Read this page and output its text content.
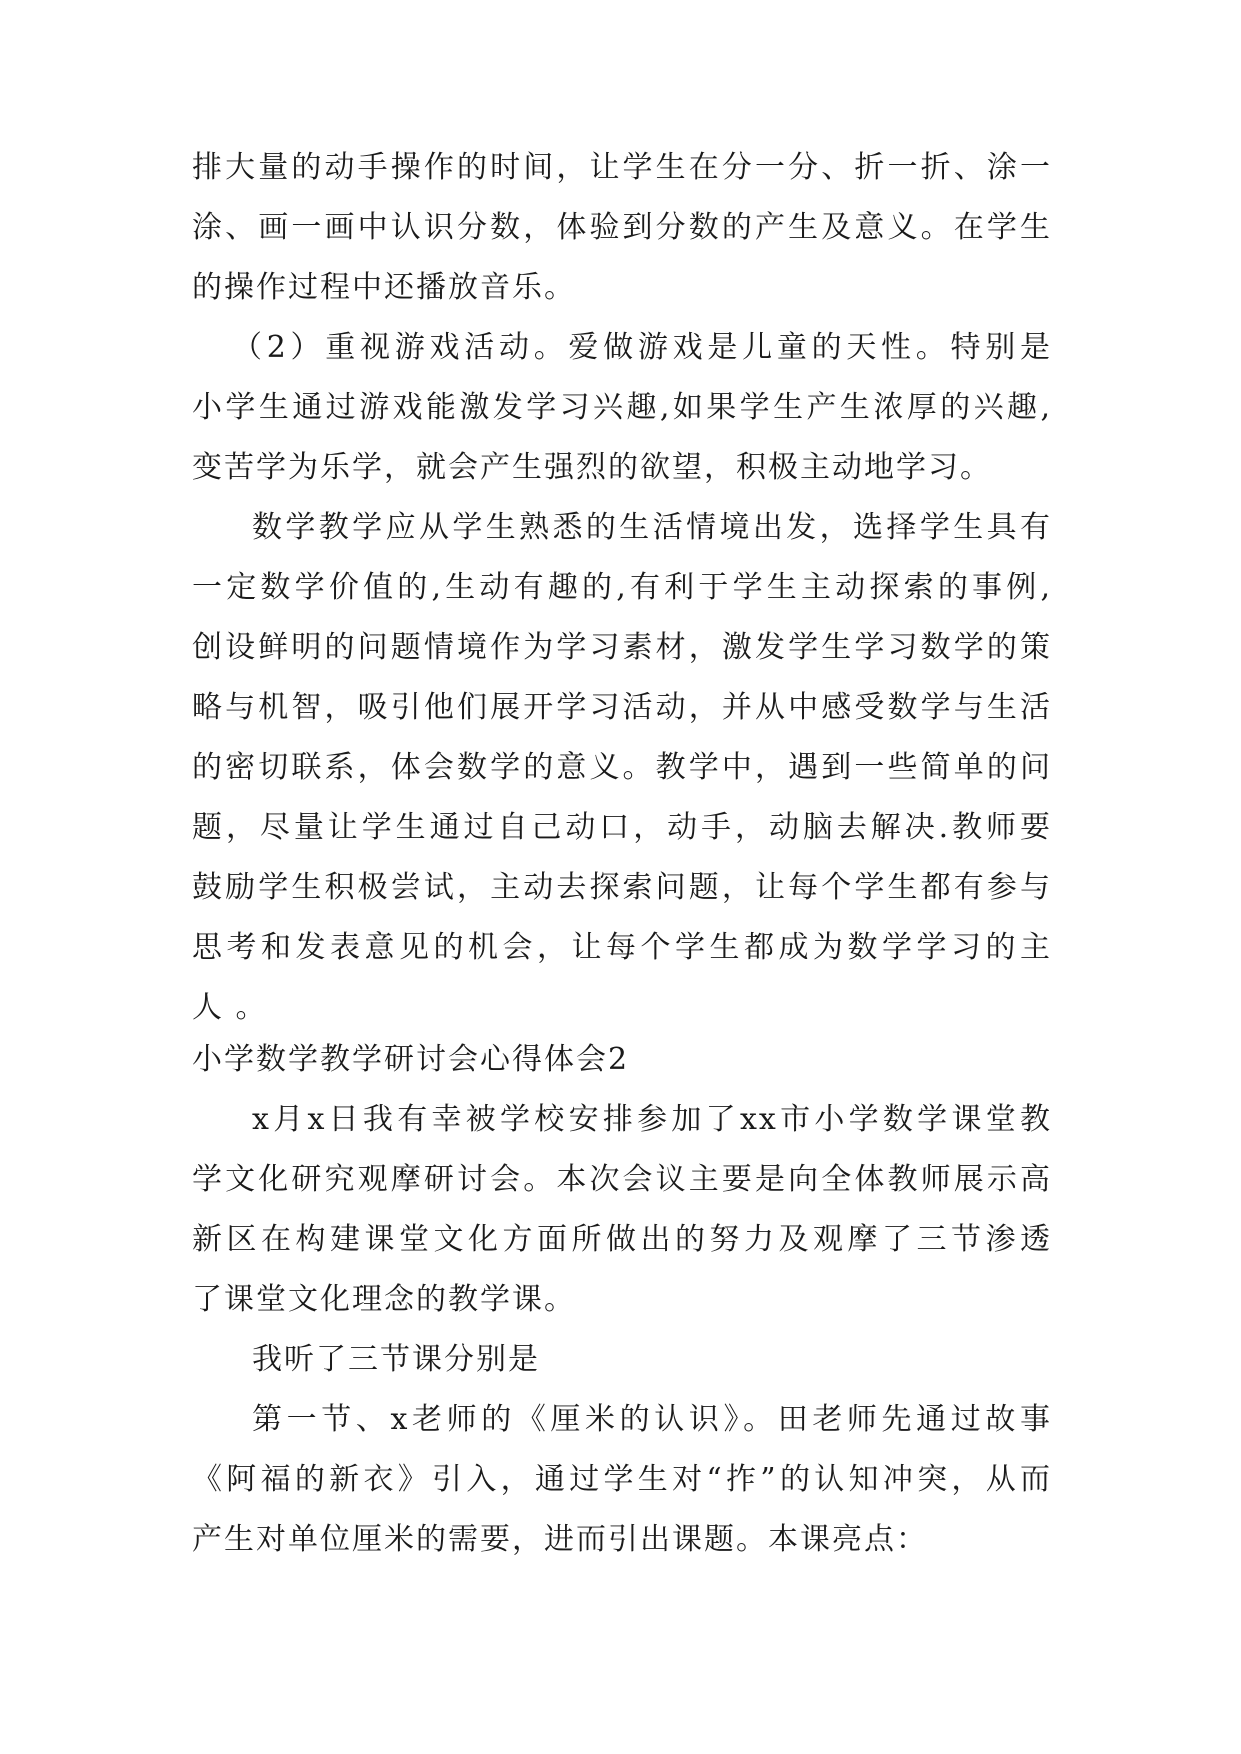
排大量的动手操作的时间，让学生在分一分、折一折、涂一
涂、画一画中认识分数，体验到分数的产生及意义。在学生
的操作过程中还播放音乐。
（2）重视游戏活动。爱做游戏是儿童的天性。特别是
小学生通过游戏能激发学习兴趣,如果学生产生浓厚的兴趣,
变苦学为乐学，就会产生强烈的欲望，积极主动地学习。
数学教学应从学生熟悉的生活情境出发，选择学生具有
一定数学价值的,生动有趣的,有利于学生主动探索的事例,
创设鲜明的问题情境作为学习素材，激发学生学习数学的策
略与机智，吸引他们展开学习活动，并从中感受数学与生活
的密切联系，体会数学的意义。教学中，遇到一些简单的问
题，尽量让学生通过自己动口，动手，动脑去解决.教师要
鼓励学生积极尝试，主动去探索问题，让每个学生都有参与
思考和发表意见的机会，让每个学生都成为数学学习的主
人 。
小学数学教学研讨会心得体会2
x月x日我有幸被学校安排参加了xx市小学数学课堂教
学文化研究观摩研讨会。本次会议主要是向全体教师展示高
新区在构建课堂文化方面所做出的努力及观摩了三节渗透
了课堂文化理念的教学课。
我听了三节课分别是
第一节、x老师的《厘米的认识》。田老师先通过故事
《阿福的新衣》引入，通过学生对“拃”的认知冲突，从而
产生对单位厘米的需要，进而引出课题。本课亮点：
